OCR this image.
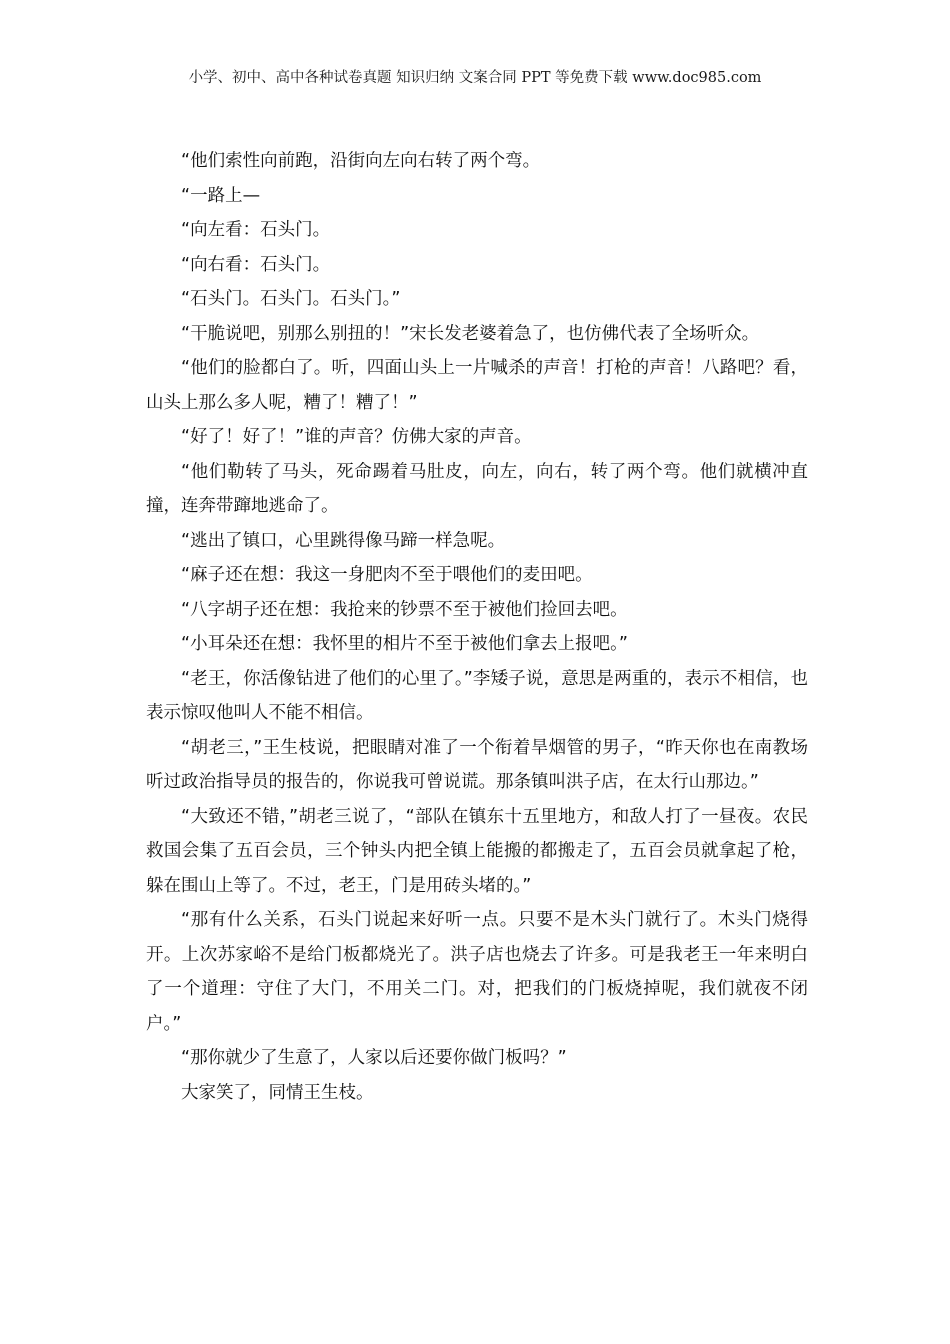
小学、初中、高中各种试卷真题 知识归纳 文案合同 PPT 等免费下载 www.doc985.com

“他们索性向前跑，沿街向左向右转了两个弯。

“一路上—

“向左看：石头门。

“向右看：石头门。

“石头门。石头门。石头门。”

“干脆说吧，别那么别扭的！”宋长发老婆着急了，也仿佛代表了全场听众。

“他们的脸都白了。听，四面山头上一片喊杀的声音！打枪的声音！八路吧？看，山头上那么多人呢，糟了！糟了！”

“好了！好了！”谁的声音？仿佛大家的声音。

“他们勒转了马头，死命踢着马肚皮，向左，向右，转了两个弯。他们就横冲直撞，连奔带蹿地逃命了。

“逃出了镇口，心里跳得像马蹄一样急呢。

“麻子还在想：我这一身肥肉不至于喂他们的麦田吧。

“八字胡子还在想：我抢来的钞票不至于被他们捡回去吧。

“小耳朵还在想：我怀里的相片不至于被他们拿去上报吧。”

“老王，你活像钻进了他们的心里了。”李矮子说，意思是两重的，表示不相信，也表示惊叹他叫人不能不相信。

“胡老三，”王生枝说，把眼睛对准了一个衔着旱烟管的男子，“昨天你也在南教场听过政治指导员的报告的，你说我可曾说谎。那条镇叫洪子店，在太行山那边。”

“大致还不错，”胡老三说了，“部队在镇东十五里地方，和敌人打了一昼夜。农民救国会集了五百会员，三个钟头内把全镇上能搬的都搬走了，五百会员就拿起了枪，躲在围山上等了。不过，老王，门是用砖头堵的。”

“那有什么关系，石头门说起来好听一点。只要不是木头门就行了。木头门烧得开。上次苏家峪不是给门板都烧光了。洪子店也烧去了许多。可是我老王一年来明白了一个道理：守住了大门，不用关二门。对，把我们的门板烧掉呢，我们就夜不闭户。”

“那你就少了生意了，人家以后还要你做门板吗？”

大家笑了，同情王生枝。
